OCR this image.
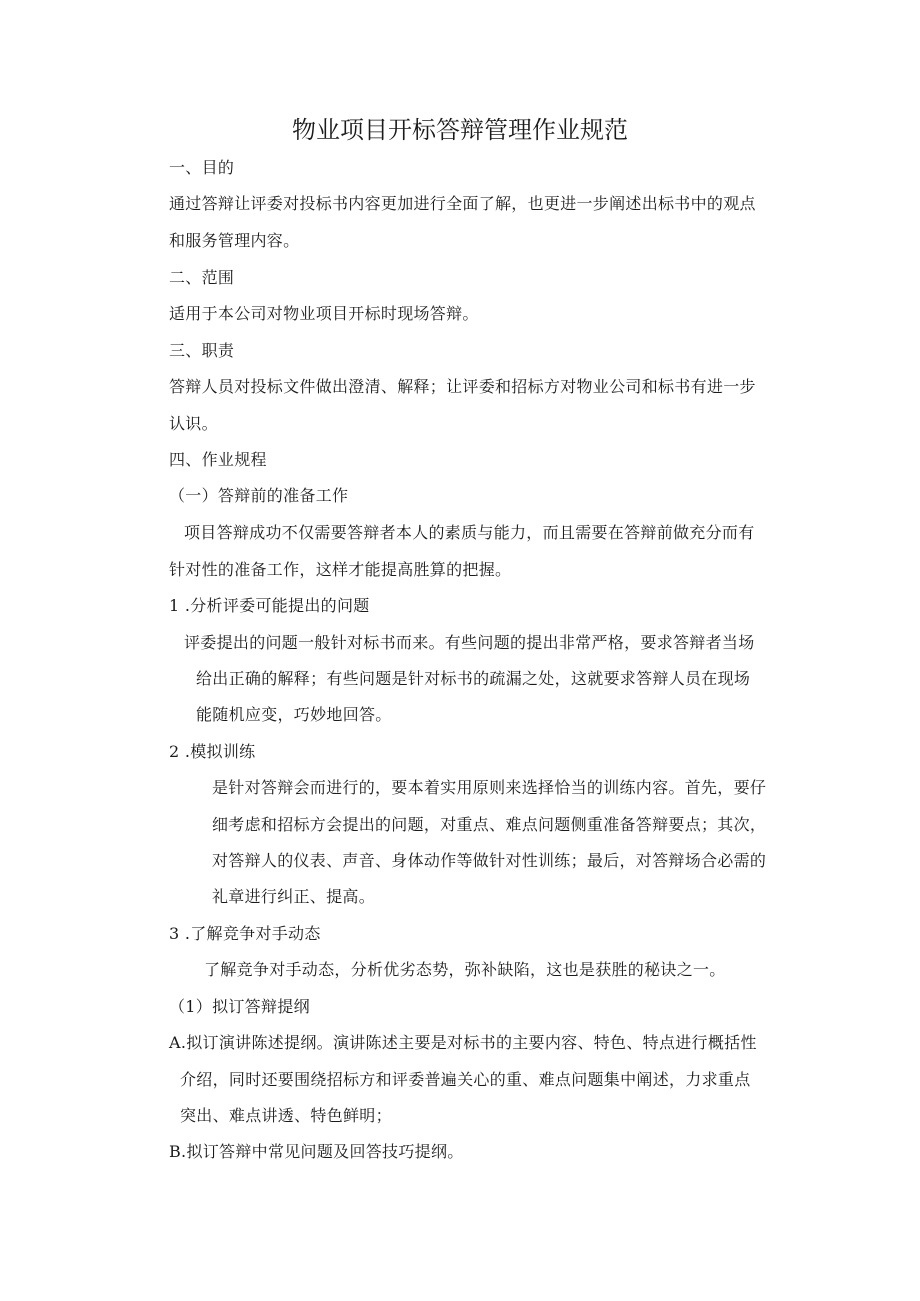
物业项目开标答辩管理作业规范
一、目的
通过答辩让评委对投标书内容更加进行全面了解，也更进一步阐述出标书中的观点
和服务管理内容。
二、范围
适用于本公司对物业项目开标时现场答辩。
三、职责
答辩人员对投标文件做出澄清、解释；让评委和招标方对物业公司和标书有进一步
认识。
四、作业规程
（一）答辩前的准备工作
项目答辩成功不仅需要答辩者本人的素质与能力，而且需要在答辩前做充分而有
针对性的准备工作，这样才能提高胜算的把握。
1 .分析评委可能提出的问题
评委提出的问题一般针对标书而来。有些问题的提出非常严格，要求答辩者当场
给出正确的解释；有些问题是针对标书的疏漏之处，这就要求答辩人员在现场
能随机应变，巧妙地回答。
2 .模拟训练
是针对答辩会而进行的，要本着实用原则来选择恰当的训练内容。首先，要仔
细考虑和招标方会提出的问题，对重点、难点问题侧重准备答辩要点；其次，
对答辩人的仪表、声音、身体动作等做针对性训练；最后，对答辩场合必需的
礼章进行纠正、提高。
3 .了解竞争对手动态
了解竞争对手动态，分析优劣态势，弥补缺陷，这也是获胜的秘诀之一。
（1）拟订答辩提纲
A.拟订演讲陈述提纲。演讲陈述主要是对标书的主要内容、特色、特点进行概括性
介绍，同时还要围绕招标方和评委普遍关心的重、难点问题集中阐述，力求重点
突出、难点讲透、特色鲜明；
B.拟订答辩中常见问题及回答技巧提纲。
